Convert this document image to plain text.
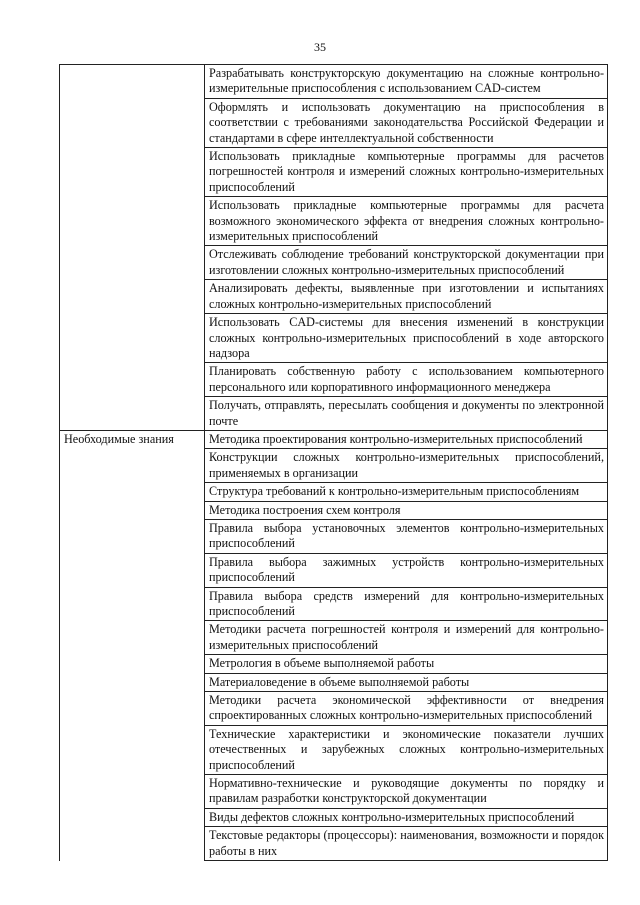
35
	Разрабатывать конструкторскую документацию на сложные контрольно-измерительные приспособления с использованием CAD-систем
	Оформлять и использовать документацию на приспособления в соответствии с требованиями законодательства Российской Федерации и стандартами в сфере интеллектуальной собственности
	Использовать прикладные компьютерные программы для расчетов погрешностей контроля и измерений сложных контрольно-измерительных приспособлений
	Использовать прикладные компьютерные программы для расчета возможного экономического эффекта от внедрения сложных контрольно-измерительных приспособлений
	Отслеживать соблюдение требований конструкторской документации при изготовлении сложных контрольно-измерительных приспособлений
	Анализировать дефекты, выявленные при изготовлении и испытаниях сложных контрольно-измерительных приспособлений
	Использовать CAD-системы для внесения изменений в конструкции сложных контрольно-измерительных приспособлений в ходе авторского надзора
	Планировать собственную работу с использованием компьютерного персонального или корпоративного информационного менеджера
	Получать, отправлять, пересылать сообщения и документы по электронной почте
Необходимые знания	Методика проектирования контрольно-измерительных приспособлений
	Конструкции сложных контрольно-измерительных приспособлений, применяемых в организации
	Структура требований к контрольно-измерительным приспособлениям
	Методика построения схем контроля
	Правила выбора установочных элементов контрольно-измерительных приспособлений
	Правила выбора зажимных устройств контрольно-измерительных приспособлений
	Правила выбора средств измерений для контрольно-измерительных приспособлений
	Методики расчета погрешностей контроля и измерений для контрольно-измерительных приспособлений
	Метрология в объеме выполняемой работы
	Материаловедение в объеме выполняемой работы
	Методики расчета экономической эффективности от внедрения спроектированных сложных контрольно-измерительных приспособлений
	Технические характеристики и экономические показатели лучших отечественных и зарубежных сложных контрольно-измерительных приспособлений
	Нормативно-технические и руководящие документы по порядку и правилам разработки конструкторской документации
	Виды дефектов сложных контрольно-измерительных приспособлений
	Текстовые редакторы (процессоры): наименования, возможности и порядок работы в них
